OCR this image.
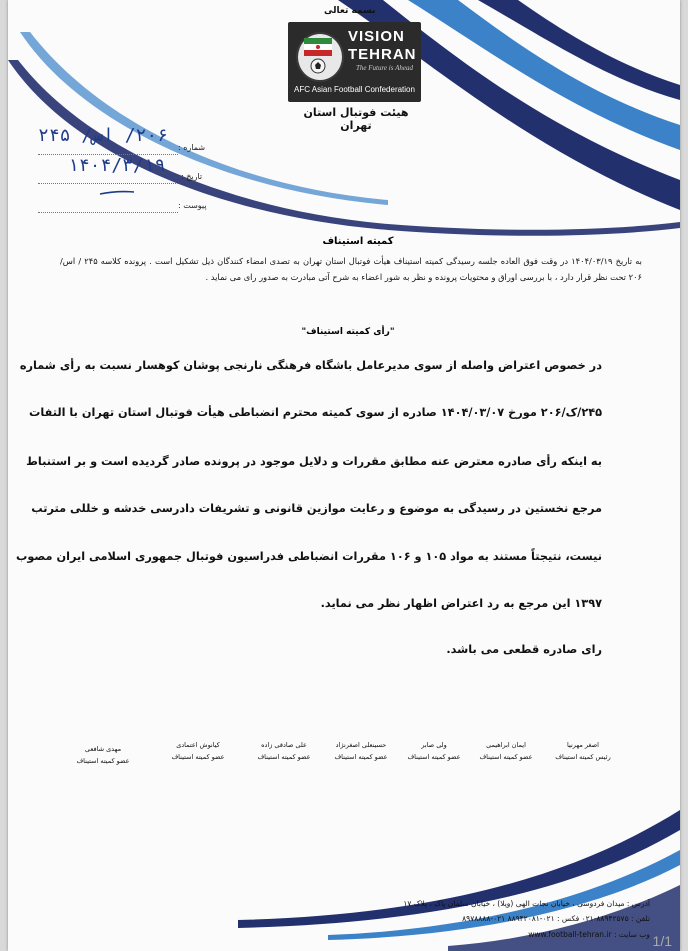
بسمه تعالی
VISION
TEHRAN
The Future is Ahead
AFC Asian Football Confederation
هیئت فوتبال استان تهران
شماره :
۲۰۶/ اس/ ۲۴۵
تاریخ :
۱۴۰۴/۳/۱۹
پیوست :
کمیته استیناف
به تاریخ ۱۴۰۴/۰۳/۱۹ در وقت فوق العاده جلسه رسیدگی کمیته استیناف هیأت فوتبال استان تهران به تصدی امضاء کنندگان ذیل تشکیل است . پرونده کلاسه ۲۴۵ / اس/۲۰۶ تحت نظر قرار دارد ، با بررسی اوراق و محتویات پرونده و نظر به شور اعضاء به شرح آتی مبادرت به صدور رای می نماید .
"رأی کمیته استیناف"
در خصوص اعتراض واصله از سوی مدیرعامل باشگاه فرهنگی نارنجی پوشان کوهسار نسبت به رأی شماره
۲۴۵/ک/۲۰۶ مورخ ۱۴۰۴/۰۳/۰۷ صادره از سوی کمیته محترم انضباطی هیأت فوتبال استان تهران با التفات
به اینکه رأی صادره معترض عنه مطابق مقررات و دلایل موجود در پرونده صادر گردیده است و بر استنباط
مرجع نخستین در رسیدگی به موضوع و رعایت موازین قانونی و تشریفات دادرسی خدشه و خللی مترتب
نیست، نتیجتاً مستند به مواد ۱۰۵ و ۱۰۶ مقررات انضباطی فدراسیون فوتبال جمهوری اسلامی ایران مصوب
۱۳۹۷ این مرجع به رد اعتراض اظهار نظر می نماید.
رای صادره قطعی می باشد.
اصغر مهرنیا
رئیس کمیته استیناف
ایمان ابراهیمی
عضو کمیته استیناف
ولی صابر
عضو کمیته استیناف
حسینعلی اصغرنژاد
عضو کمیته استیناف
علی صادقی زاده
عضو کمیته استیناف
کیانوش اعتمادی
عضو کمیته استیناف
مهدی شافعی
عضو کمیته استیناف
آدرس : میدان فردوسی ، خیابان نجات الهی (ویلا) ، خیابان سلمان پاک ، پلاک ۱۷
تلفن : ۸۸۹۴۲۵۷۵-۰۲۱ فکس : ۰۲۱-۸۸۹۴۲۰۸۱ ۰۲۱-۸۹۷۸۸۸۸
وب سایت : www.football-tehran.ir 1/1
